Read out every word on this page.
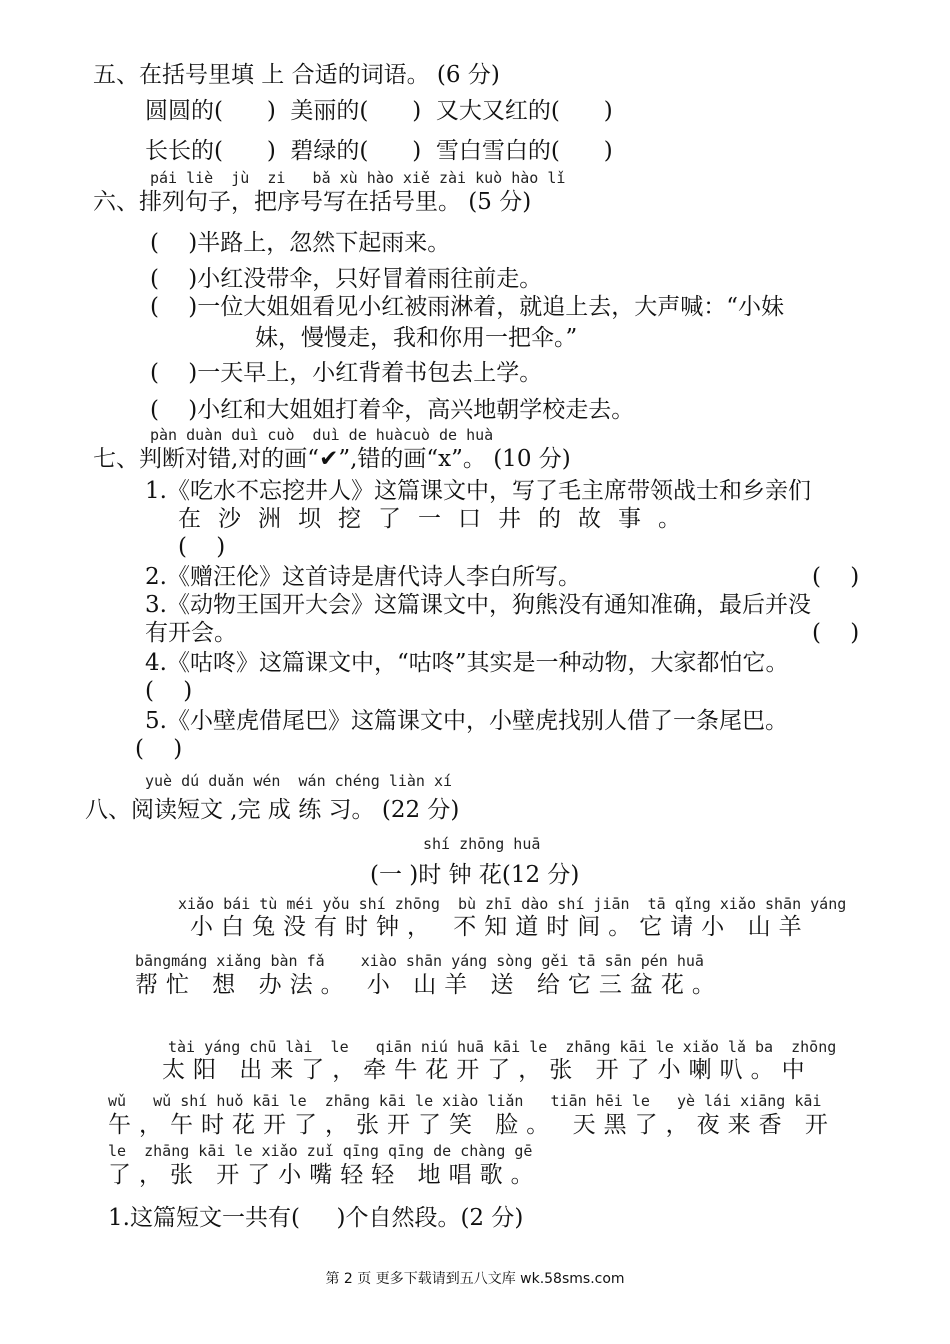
五、在括号里填 上 合适的词语。 (6 分)
圆圆的(      )  美丽的(      )  又大又红的(      )
长长的(      )  碧绿的(      )  雪白雪白的(      )
pái liè  jù  zi   bǎ xù hào xiě zài kuò hào lǐ
六、排列句子，把序号写在括号里。 (5 分)
(    )半路上，忽然下起雨来。
(    )小红没带伞，只好冒着雨往前走。
(    )一位大姐姐看见小红被雨淋着，就追上去，大声喊：“小妹
妹，慢慢走，我和你用一把伞。”
(    )一天早上，小红背着书包去上学。
(    )小红和大姐姐打着伞，高兴地朝学校走去。
pàn duàn duì cuò  duì de huàcuò de huà
七、判断对错,对的画“✔”,错的画“x”。 (10 分)
1.《吃水不忘挖井人》这篇课文中，写了毛主席带领战士和乡亲们
在沙洲坝挖了一口井的故事。
(    )
2.《赠汪伦》这首诗是唐代诗人李白所写。	(    )
3.《动物王国开大会》这篇课文中，狗熊没有通知准确，最后并没
有开会。	(    )
4.《咕咚》这篇课文中，“咕咚”其实是一种动物，大家都怕它。
(    )
5.《小壁虎借尾巴》这篇课文中，小壁虎找别人借了一条尾巴。
(    )
yuè dú duǎn wén  wán chéng liàn xí
八、阅读短文 ,完 成 练 习。 (22 分)
shí zhōng huā
(一 )时 钟 花(12 分)
xiǎo bái tù méi yǒu shí zhōng  bù zhī dào shí jiān  tā qǐng xiǎo shān yáng
小白兔没有时钟， 不知道时间。它请小 山羊
bāngmáng xiǎng bàn fǎ    xiào shān yáng sòng gěi tā sān pén huā
帮忙 想 办法。 小 山羊 送 给它三盆花。
tài yáng chū lài  le   qiān niú huā kāi le  zhāng kāi le xiǎo lǎ ba  zhōng
太阳 出来了，牵牛花开了，张 开了小喇叭。中
wǔ   wǔ shí huǒ kāi le  zhāng kāi le xiào liǎn   tiān hēi le   yè lái xiāng kāi
午，午时花开了，张开了笑 脸。 天黑了，夜来香 开
le  zhāng kāi le xiǎo zuǐ qīng qīng de chàng gē
了，张 开了小嘴轻轻 地唱歌。
1.这篇短文一共有(     )个自然段。(2 分)
第 2 页 更多下载请到五八文库 wk.58sms.com
